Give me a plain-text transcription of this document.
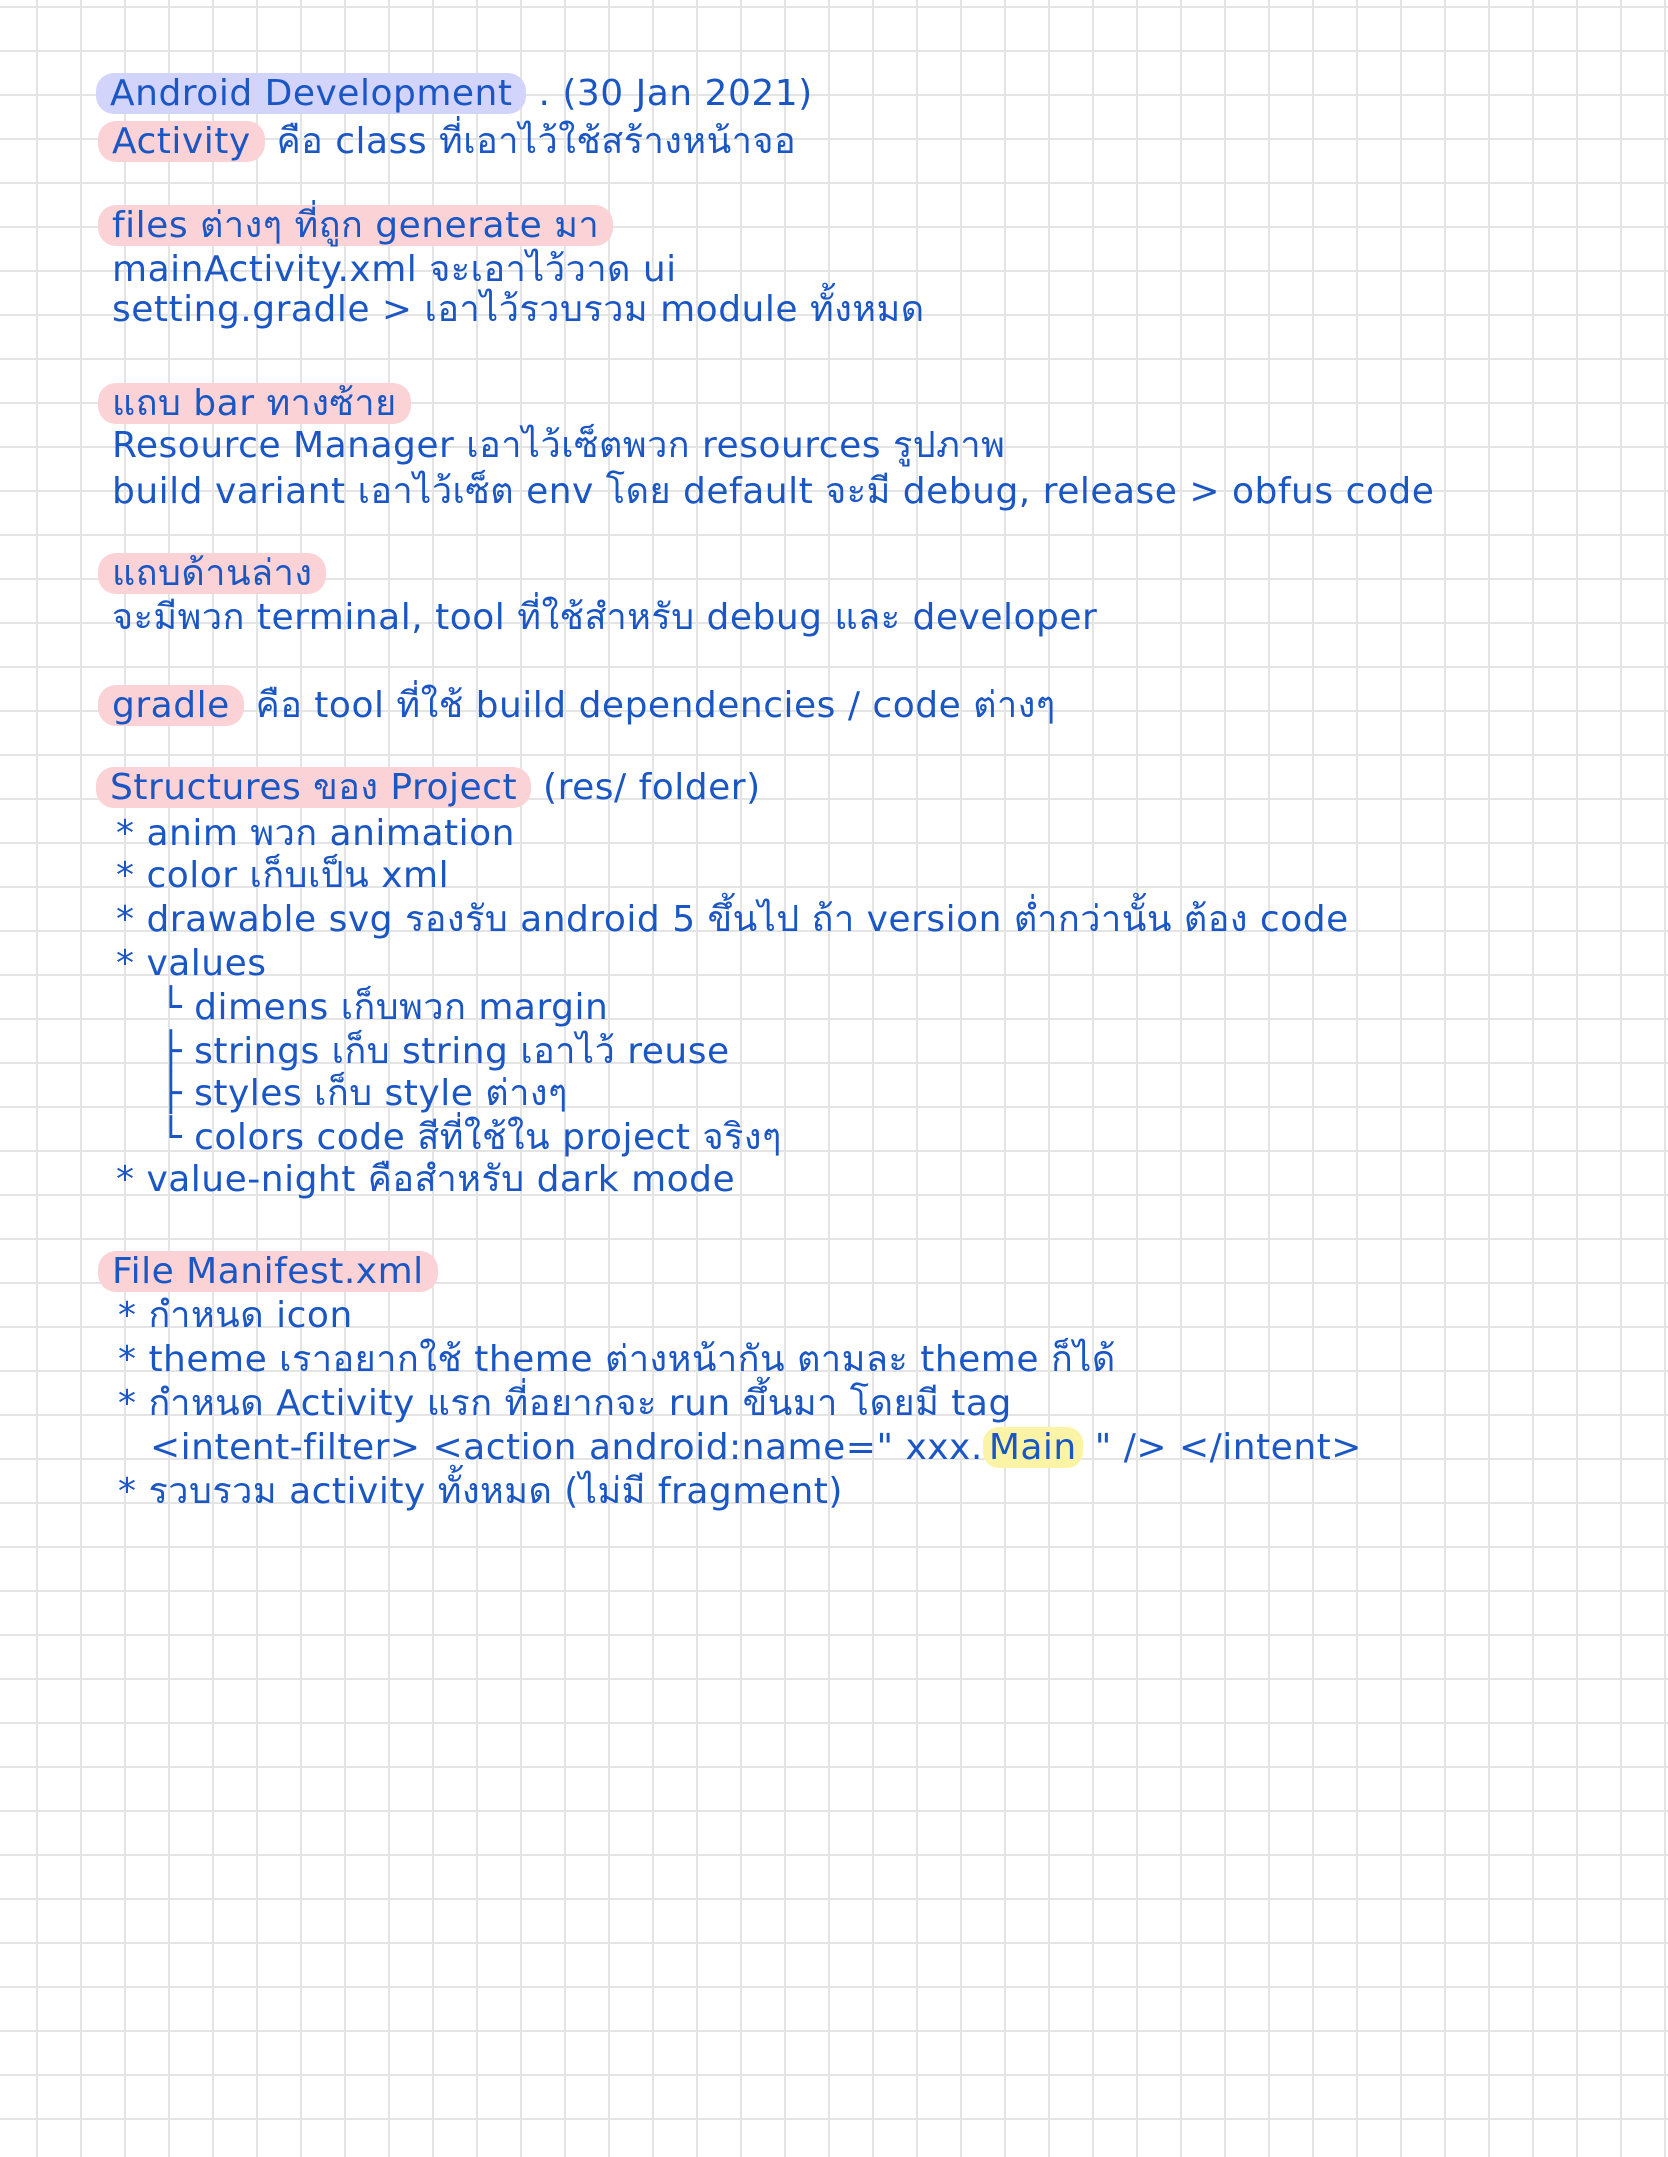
Android Development . (30 Jan 2021)
Activity คือ class ที่เอาไว้ใช้สร้างหน้าจอ
files ต่างๆ ที่ถูก generate มา
mainActivity.xml จะเอาไว้วาด ui
setting.gradle > เอาไว้รวบรวม module ทั้งหมด
แถบ bar ทางซ้าย
Resource Manager เอาไว้เซ็ตพวก resources รูปภาพ
build variant เอาไว้เซ็ต env โดย default จะมี debug, release > obfus code
แถบด้านล่าง
จะมีพวก terminal, tool ที่ใช้สำหรับ debug และ developer
gradle คือ tool ที่ใช้ build dependencies / code ต่างๆ
Structures ของ Project (res/ folder)
* anim พวก animation
* color เก็บเป็น xml
* drawable svg รองรับ android 5 ขึ้นไป ถ้า version ต่ำกว่านั้น ต้อง code
* values
└ dimens เก็บพวก margin
├ strings เก็บ string เอาไว้ reuse
├ styles เก็บ style ต่างๆ
└ colors code สีที่ใช้ใน project จริงๆ
* value-night คือสำหรับ dark mode
File Manifest.xml
* กำหนด icon
* theme เราอยากใช้ theme ต่างหน้ากัน ตามละ theme ก็ได้
* กำหนด Activity แรก ที่อยากจะ run ขึ้นมา โดยมี tag
<intent-filter> <action android:name=" xxx. Main " /> </intent>
* รวบรวม activity ทั้งหมด (ไม่มี fragment)
